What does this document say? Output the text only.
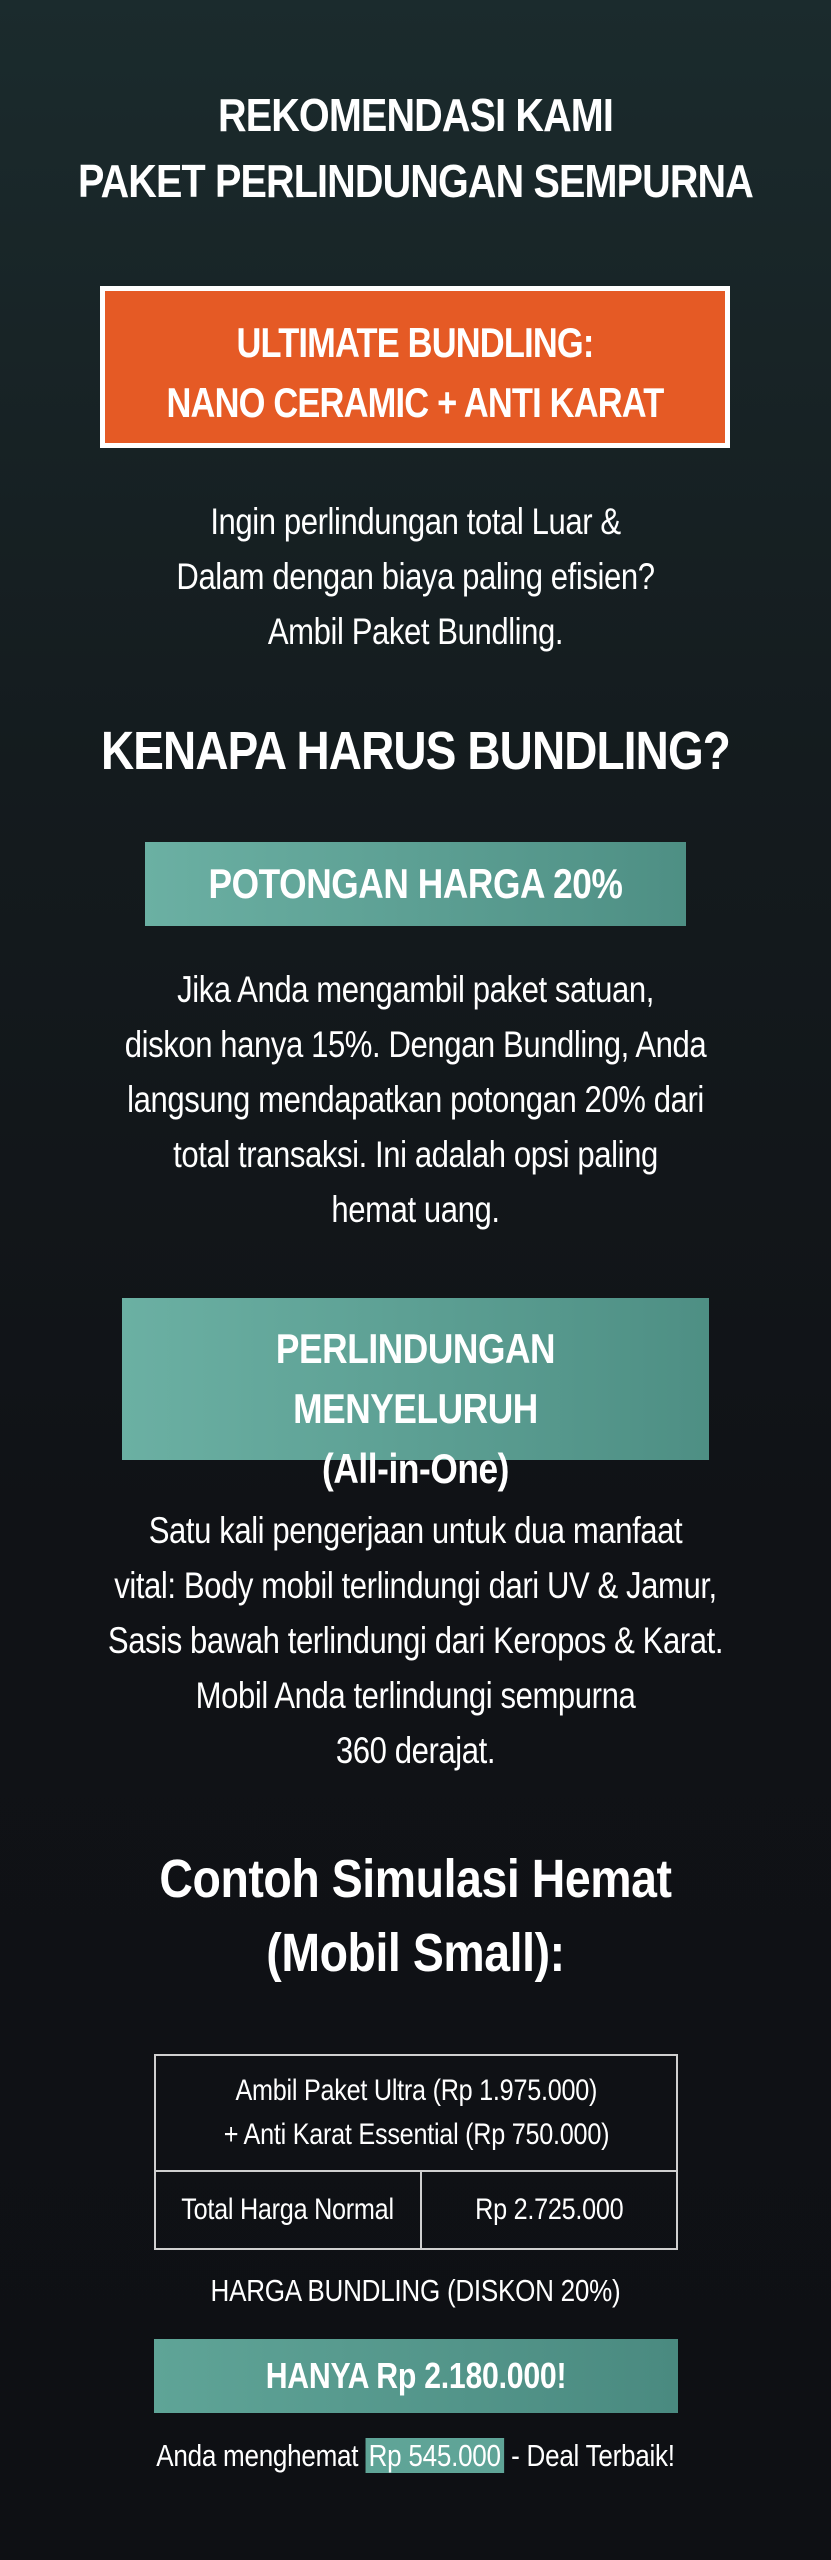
REKOMENDASI KAMI
PAKET PERLINDUNGAN SEMPURNA
ULTIMATE BUNDLING:
NANO CERAMIC + ANTI KARAT
Ingin perlindungan total Luar &
Dalam dengan biaya paling efisien?
Ambil Paket Bundling.
KENAPA HARUS BUNDLING?
POTONGAN HARGA 20%
Jika Anda mengambil paket satuan,
diskon hanya 15%. Dengan Bundling, Anda
langsung mendapatkan potongan 20% dari
total transaksi. Ini adalah opsi paling
hemat uang.
PERLINDUNGAN MENYELURUH
(All-in-One)
Satu kali pengerjaan untuk dua manfaat
vital: Body mobil terlindungi dari UV & Jamur,
Sasis bawah terlindungi dari Keropos & Karat.
Mobil Anda terlindungi sempurna
360 derajat.
Contoh Simulasi Hemat
(Mobil Small):
Ambil Paket Ultra (Rp 1.975.000)
+ Anti Karat Essential (Rp 750.000)
Total Harga Normal	Rp 2.725.000
HARGA BUNDLING (DISKON 20%)
HANYA Rp 2.180.000!
Anda menghemat Rp 545.000 - Deal Terbaik!
